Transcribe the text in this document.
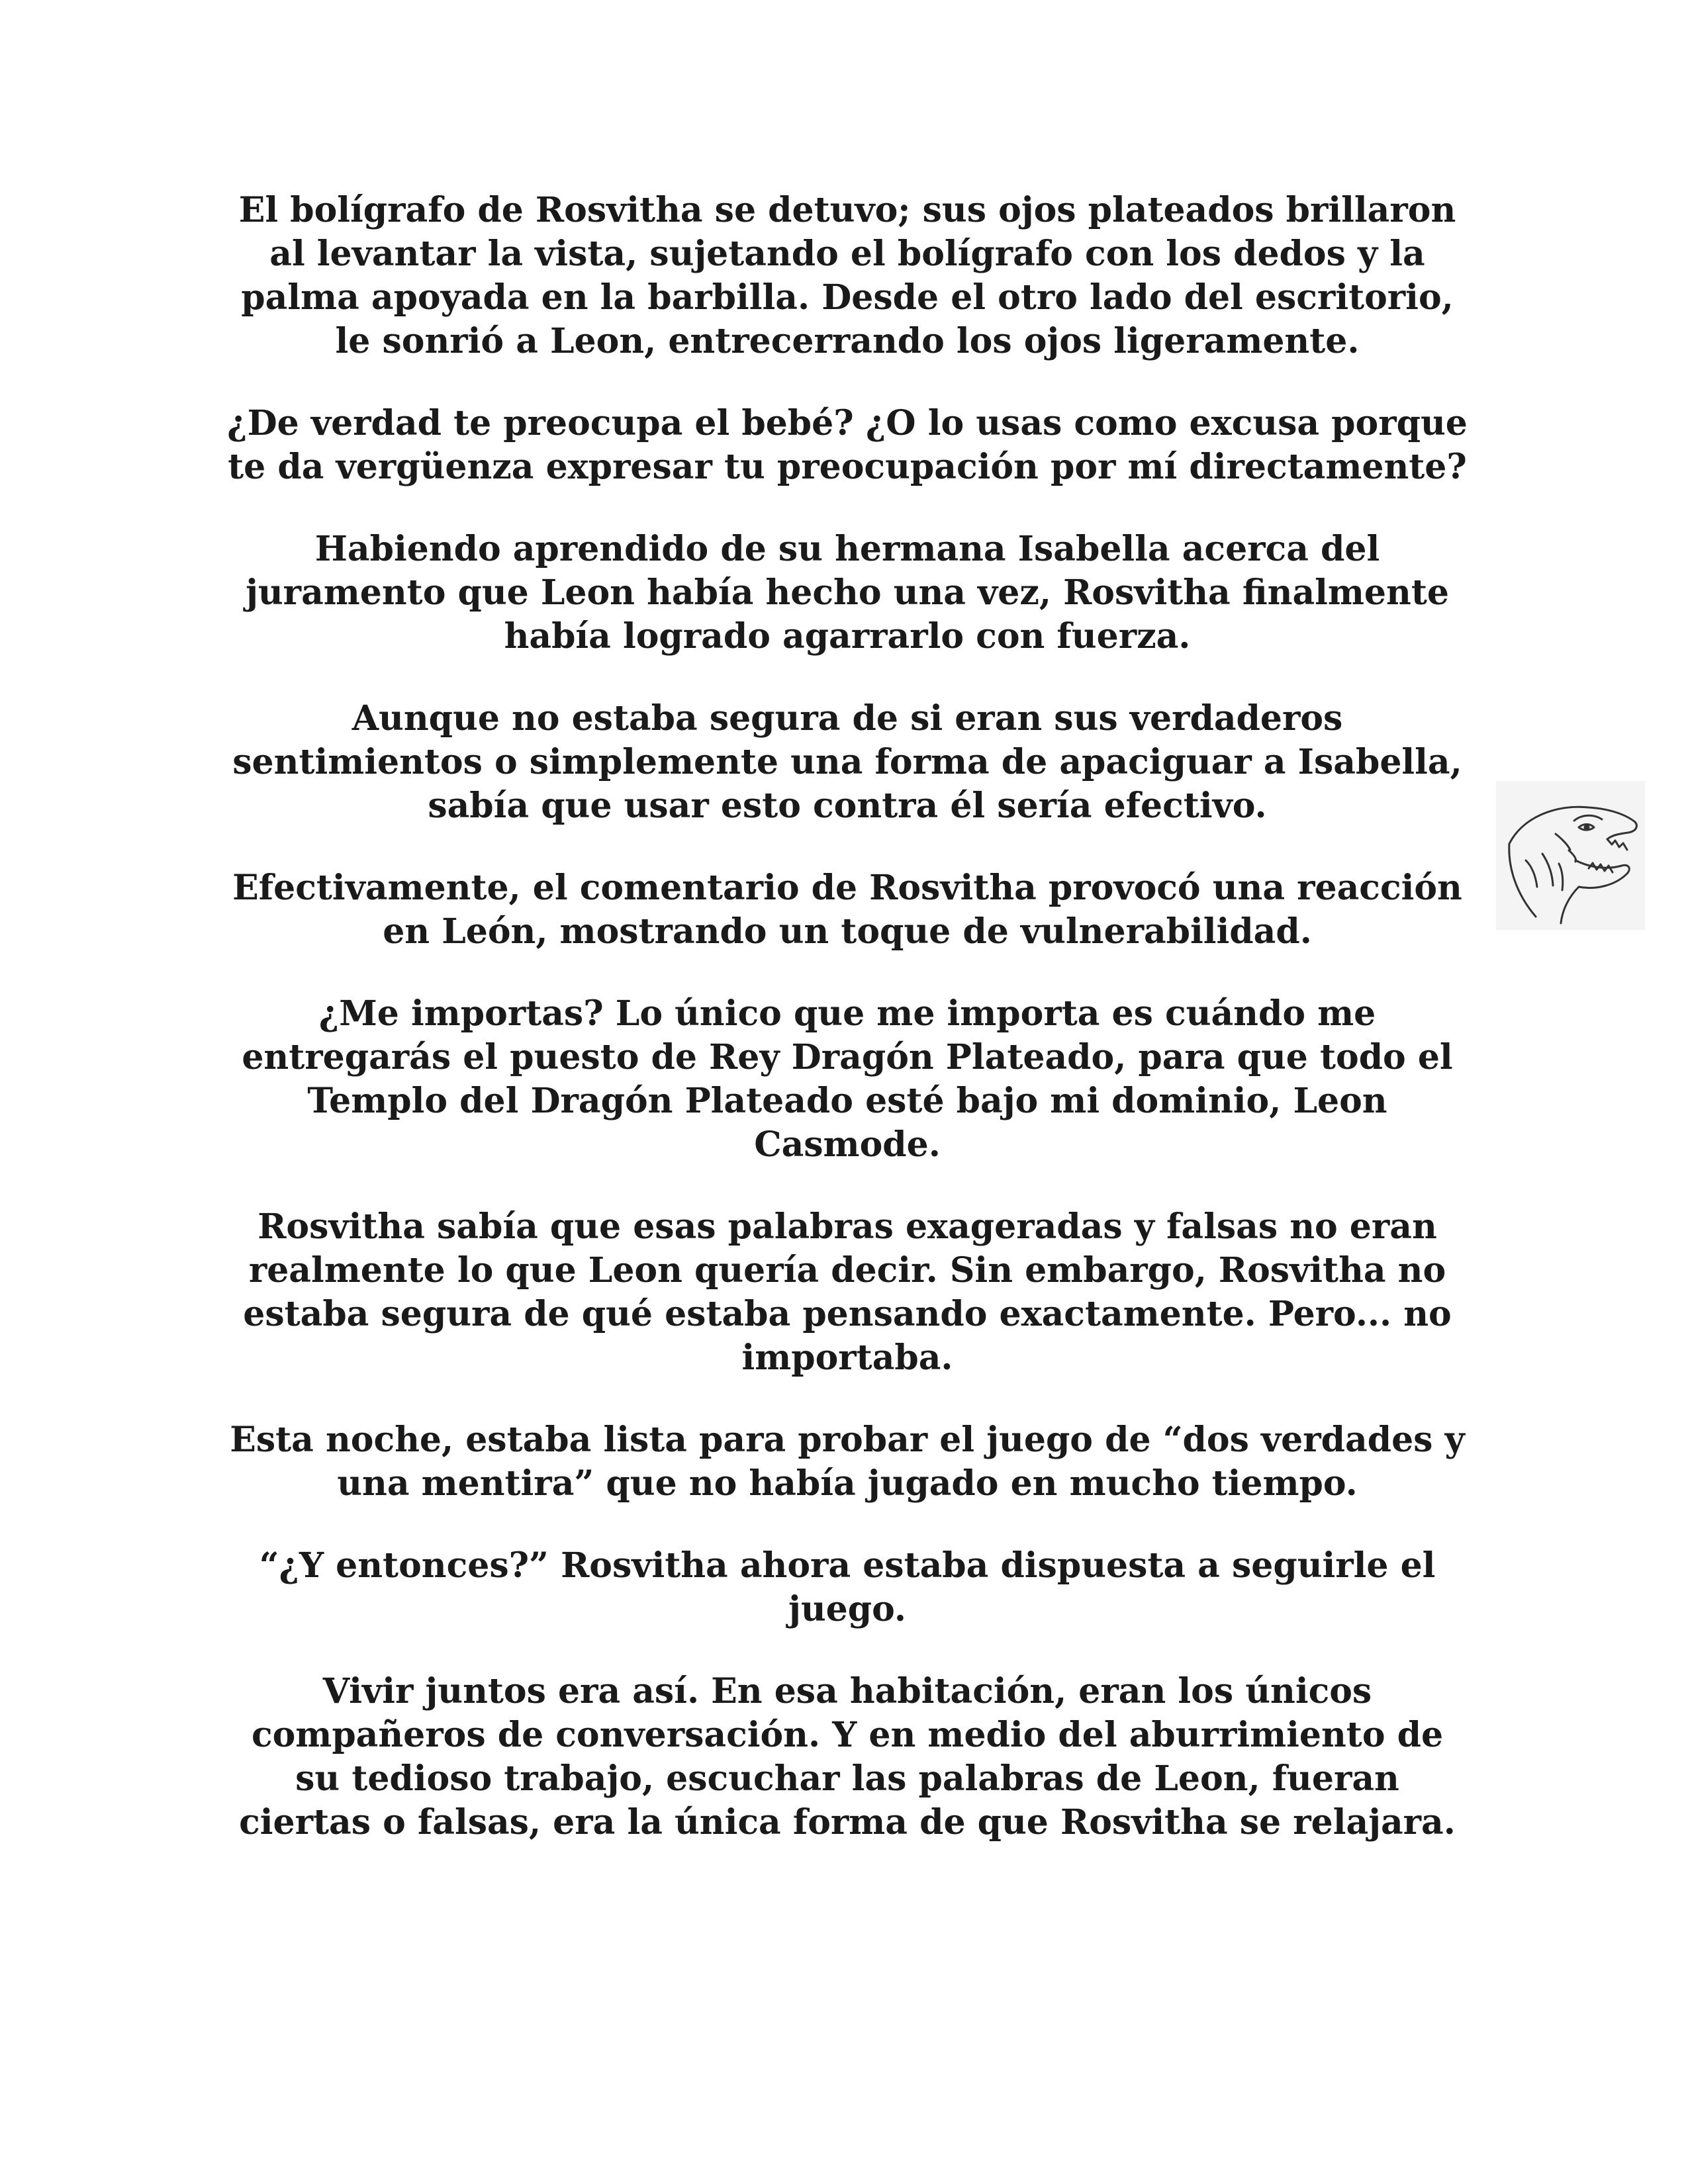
El bolígrafo de Rosvitha se detuvo; sus ojos plateados brillaron al levantar la vista, sujetando el bolígrafo con los dedos y la palma apoyada en la barbilla. Desde el otro lado del escritorio, le sonrió a Leon, entrecerrando los ojos ligeramente.

¿De verdad te preocupa el bebé? ¿O lo usas como excusa porque te da vergüenza expresar tu preocupación por mí directamente?

Habiendo aprendido de su hermana Isabella acerca del juramento que Leon había hecho una vez, Rosvitha finalmente había logrado agarrarlo con fuerza.

Aunque no estaba segura de si eran sus verdaderos sentimientos o simplemente una forma de apaciguar a Isabella, sabía que usar esto contra él sería efectivo.

Efectivamente, el comentario de Rosvitha provocó una reacción en León, mostrando un toque de vulnerabilidad.

¿Me importas? Lo único que me importa es cuándo me entregarás el puesto de Rey Dragón Plateado, para que todo el Templo del Dragón Plateado esté bajo mi dominio, Leon Casmode.

Rosvitha sabía que esas palabras exageradas y falsas no eran realmente lo que Leon quería decir. Sin embargo, Rosvitha no estaba segura de qué estaba pensando exactamente. Pero... no importaba.

Esta noche, estaba lista para probar el juego de “dos verdades y una mentira” que no había jugado en mucho tiempo.

“¿Y entonces?” Rosvitha ahora estaba dispuesta a seguirle el juego.

Vivir juntos era así. En esa habitación, eran los únicos compañeros de conversación. Y en medio del aburrimiento de su tedioso trabajo, escuchar las palabras de Leon, fueran ciertas o falsas, era la única forma de que Rosvitha se relajara.
